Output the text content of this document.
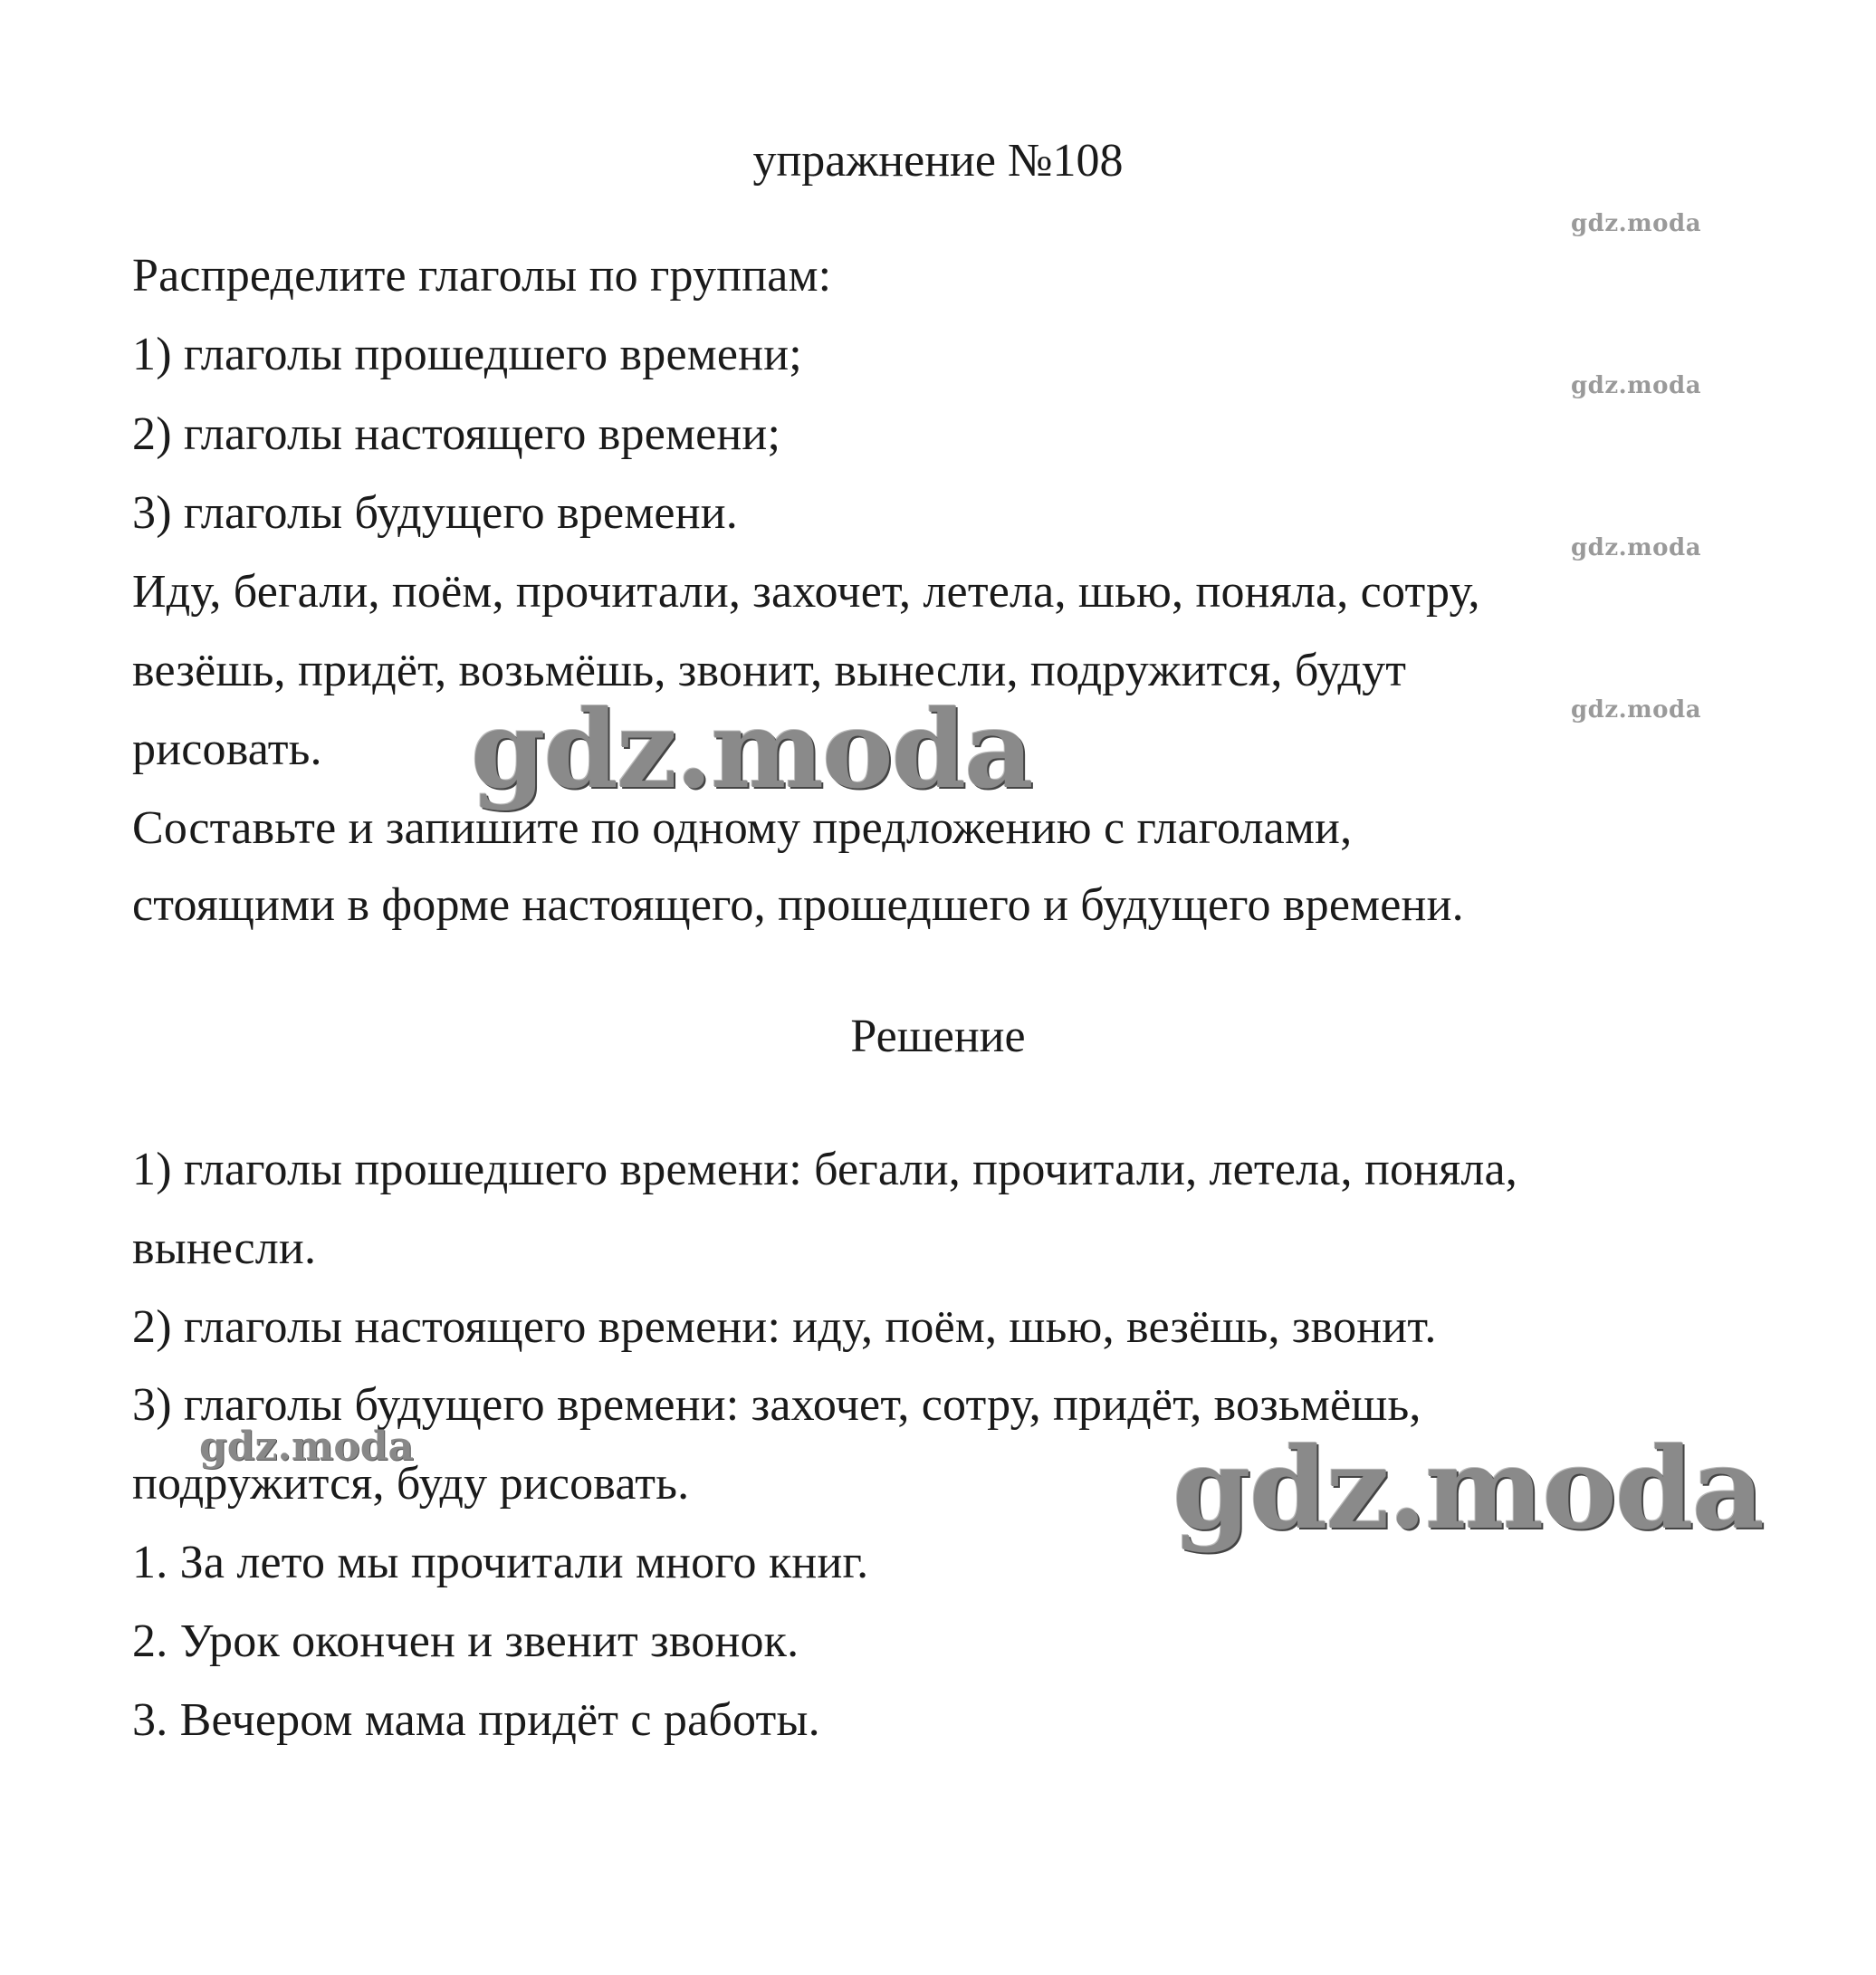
упражнение №108
Распределите глаголы по группам:
1) глаголы прошедшего времени;
2) глаголы настоящего времени;
3) глаголы будущего времени.
Иду, бегали, поём, прочитали, захочет, летела, шью, поняла, сотру,
везёшь, придёт, возьмёшь, звонит, вынесли, подружится, будут
рисовать.
Составьте и запишите по одному предложению с глаголами,
стоящими в форме настоящего, прошедшего и будущего времени.
Решение
1) глаголы прошедшего времени: бегали, прочитали, летела, поняла,
вынесли.
2) глаголы настоящего времени: иду, поём, шью, везёшь, звонит.
3) глаголы будущего времени: захочет, сотру, придёт, возьмёшь,
подружится, буду рисовать.
1. За лето мы прочитали много книг.
2. Урок окончен и звенит звонок.
3. Вечером мама придёт с работы.
gdz.moda
gdz.moda
gdz.moda
gdz.moda
gdz.moda
gdz.moda	gdz.moda
